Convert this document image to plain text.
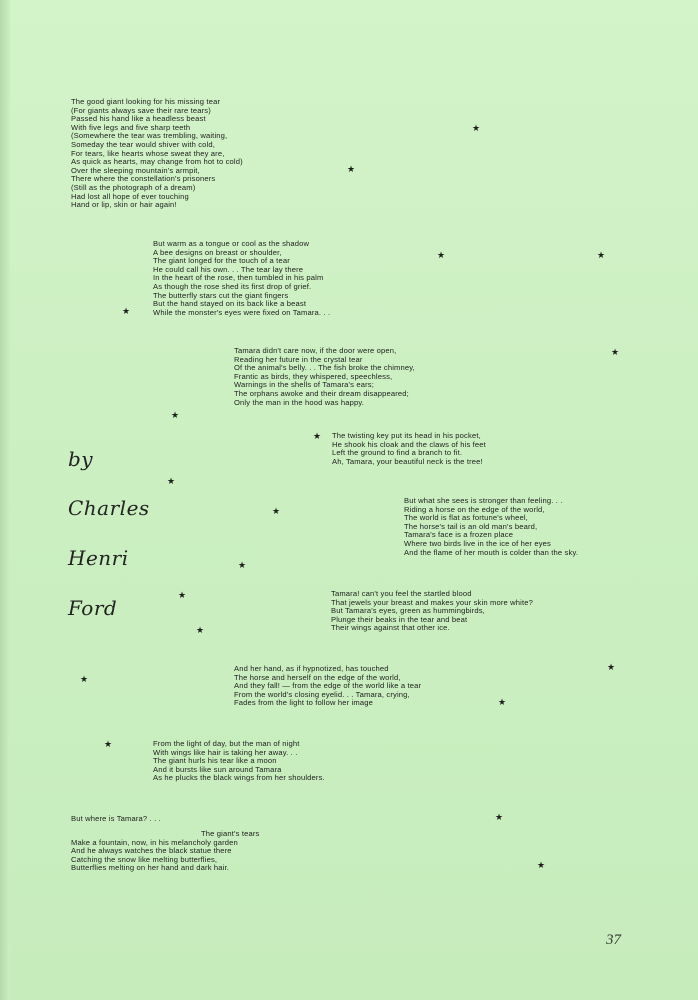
The good giant looking for his missing tear
(For giants always save their rare tears)
Passed his hand like a headless beast
With five legs and five sharp teeth
(Somewhere the tear was trembling, waiting,
Someday the tear would shiver with cold,
For tears, like hearts whose sweat they are,
As quick as hearts, may change from hot to cold)
Over the sleeping mountain's armpit,
There where the constellation's prisoners
(Still as the photograph of a dream)
Had lost all hope of ever touching
Hand or lip, skin or hair again!
But warm as a tongue or cool as the shadow
A bee designs on breast or shoulder,
The giant longed for the touch of a tear
He could call his own. . . The tear lay there
In the heart of the rose, then tumbled in his palm
As though the rose shed its first drop of grief.
The butterfly stars cut the giant fingers
But the hand stayed on its back like a beast
While the monster's eyes were fixed on Tamara. . .
Tamara didn't care now, if the door were open,
Reading her future in the crystal tear
Of the animal's belly. . . The fish broke the chimney,
Frantic as birds, they whispered, speechless,
Warnings in the shells of Tamara's ears;
The orphans awoke and their dream disappeared;
Only the man in the hood was happy.
The twisting key put its head in his pocket,
He shook his cloak and the claws of his feet
Left the ground to find a branch to fit.
Ah, Tamara, your beautiful neck is the tree!
But what she sees is stronger than feeling. . .
Riding a horse on the edge of the world,
The world is flat as fortune's wheel,
The horse's tail is an old man's beard,
Tamara's face is a frozen place
Where two birds live in the ice of her eyes
And the flame of her mouth is colder than the sky.
Tamara! can't you feel the startled blood
That jewels your breast and makes your skin more white?
But Tamara's eyes, green as hummingbirds,
Plunge their beaks in the tear and beat
Their wings against that other ice.
And her hand, as if hypnotized, has touched
The horse and herself on the edge of the world,
And they fall! — from the edge of the world like a tear
From the world's closing eyelid. . . Tamara, crying,
Fades from the light to follow her image
From the light of day, but the man of night
With wings like hair is taking her away. . .
The giant hurls his tear like a moon
And it bursts like sun around Tamara
As he plucks the black wings from her shoulders.
But where is Tamara? . . .
The giant's tears
Make a fountain, now, in his melancholy garden
And he always watches the black statue there
Catching the snow like melting butterflies,
Butterflies melting on her hand and dark hair.
by
Charles
Henri
Ford
★
★
★	★
★
★
★
★
★
★
★
★
★
★
★
★
★
★
★
37
